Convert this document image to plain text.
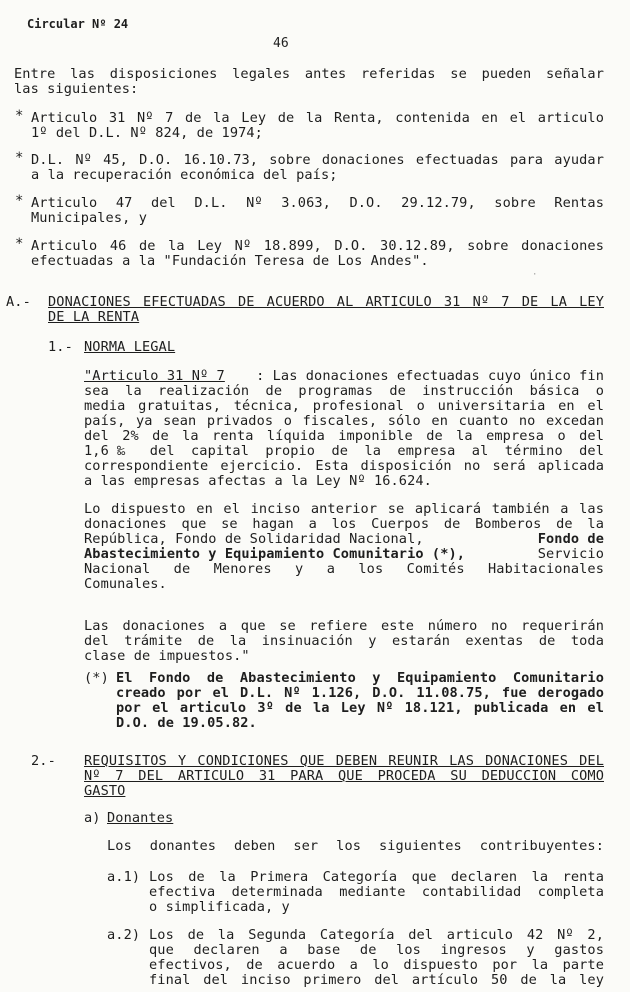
Circular Nº 24
46
Entre las disposiciones legales antes referidas se pueden señalar
las siguientes:
* Articulo 31 Nº 7 de la Ley de la Renta, contenida en el articulo
1º del D.L. Nº 824, de 1974;
* D.L. Nº 45, D.O. 16.10.73, sobre donaciones efectuadas para ayudar
a la recuperación económica del país;
* Articulo 47 del D.L. Nº 3.063, D.O. 29.12.79, sobre Rentas
Municipales, y
* Articulo 46 de la Ley Nº 18.899, D.O. 30.12.89, sobre donaciones
efectuadas a la "Fundación Teresa de Los Andes".
·
A.- DONACIONES EFECTUADAS DE ACUERDO AL ARTICULO 31 Nº 7 DE LA LEY
DE LA RENTA
1.- NORMA LEGAL
"Articulo 31 Nº 7 : Las donaciones efectuadas cuyo único fin
sea la realización de programas de instrucción básica o
media gratuitas, técnica, profesional o universitaria en el
país, ya sean privados o fiscales, sólo en cuanto no excedan
del 2% de la renta líquida imponible de la empresa o del
1,6‰ del capital propio de la empresa al término del
correspondiente ejercicio. Esta disposición no será aplicada
a las empresas afectas a la Ley Nº 16.624.
Lo dispuesto en el inciso anterior se aplicará también a las
donaciones que se hagan a los Cuerpos de Bomberos de la
República, Fondo de Solidaridad Nacional,	Fondo de
Abastecimiento y Equipamiento Comunitario (*),	Servicio
Nacional de Menores y a los Comités Habitacionales
Comunales.
Las donaciones a que se refiere este número no requerirán
del trámite de la insinuación y estarán exentas de toda
clase de impuestos."
(*) El Fondo de Abastecimiento y Equipamiento Comunitario
creado por el D.L. Nº 1.126, D.O. 11.08.75, fue derogado
por el articulo 3º de la Ley Nº 18.121, publicada en el
D.O. de 19.05.82.
2.- REQUISITOS Y CONDICIONES QUE DEBEN REUNIR LAS DONACIONES DEL
Nº 7 DEL ARTICULO 31 PARA QUE PROCEDA SU DEDUCCION COMO
GASTO
a) Donantes
Los donantes deben ser los siguientes contribuyentes:
a.1) Los de la Primera Categoría que declaren la renta
efectiva determinada mediante contabilidad completa
o simplificada, y
a.2) Los de la Segunda Categoría del articulo 42 Nº 2,
que declaren a base de los ingresos y gastos
efectivos, de acuerdo a lo dispuesto por la parte
final del inciso primero del artículo 50 de la ley
